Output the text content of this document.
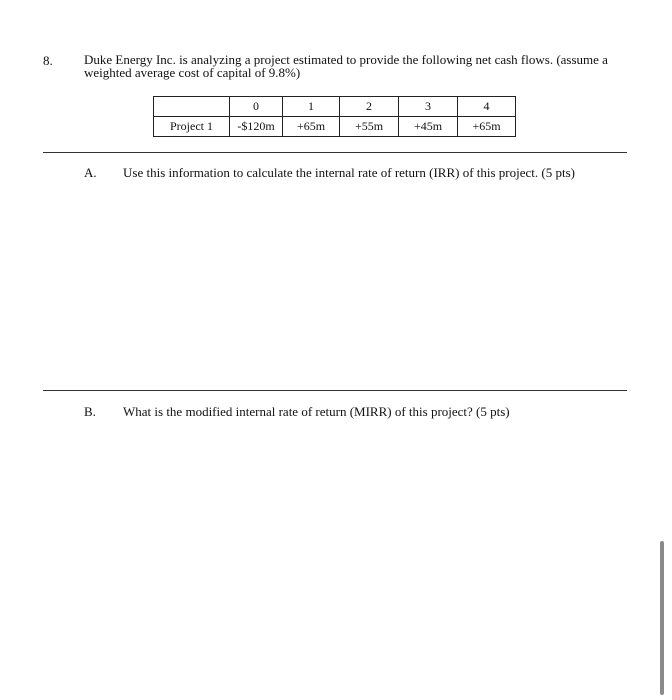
8. Duke Energy Inc. is analyzing a project estimated to provide the following net cash flows. (assume a weighted average cost of capital of 9.8%)
	0	1	2	3	4
Project 1	-$120m	+65m	+55m	+45m	+65m
A. Use this information to calculate the internal rate of return (IRR) of this project. (5 pts)
B. What is the modified internal rate of return (MIRR) of this project? (5 pts)
